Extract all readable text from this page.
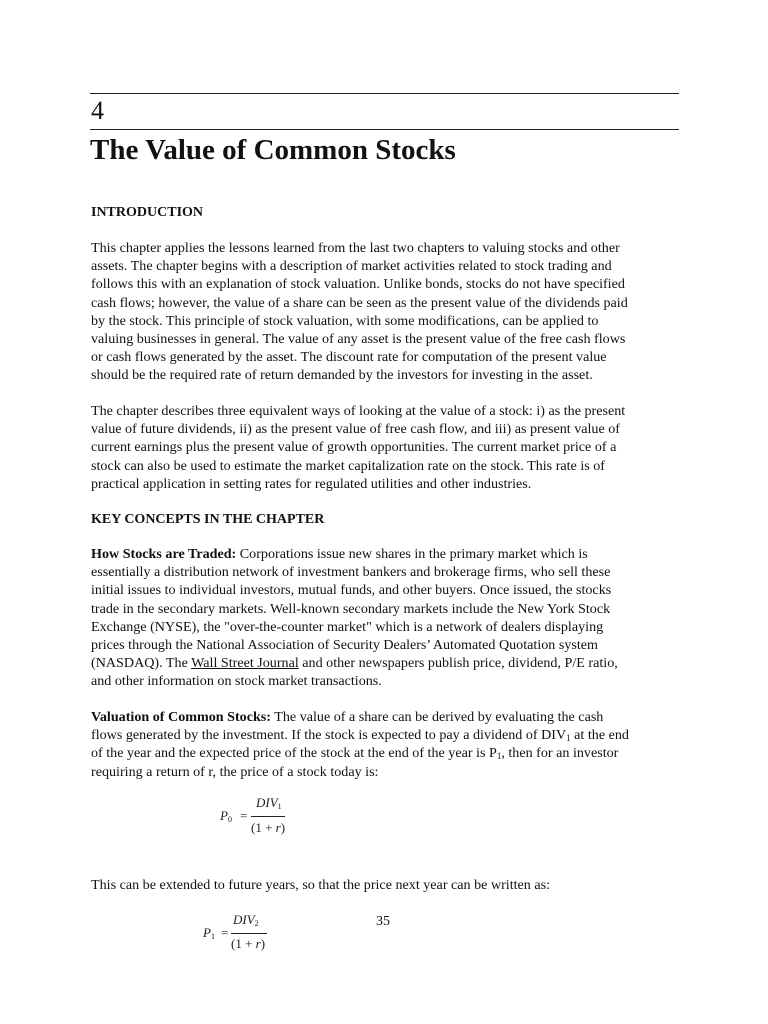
4
The Value of Common Stocks
INTRODUCTION

This chapter applies the lessons learned from the last two chapters to valuing stocks and other
assets. The chapter begins with a description of market activities related to stock trading and
follows this with an explanation of stock valuation. Unlike bonds, stocks do not have specified
cash flows; however, the value of a share can be seen as the present value of the dividends paid
by the stock. This principle of stock valuation, with some modifications, can be applied to
valuing businesses in general. The value of any asset is the present value of the free cash flows
or cash flows generated by the asset. The discount rate for computation of the present value
should be the required rate of return demanded by the investors for investing in the asset.

The chapter describes three equivalent ways of looking at the value of a stock: i) as the present
value of future dividends, ii) as the present value of free cash flow, and iii) as present value of
current earnings plus the present value of growth opportunities. The current market price of a
stock can also be used to estimate the market capitalization rate on the stock. This rate is of
practical application in setting rates for regulated utilities and other industries.

KEY CONCEPTS IN THE CHAPTER

How Stocks are Traded: Corporations issue new shares in the primary market which is
essentially a distribution network of investment bankers and brokerage firms, who sell these
initial issues to individual investors, mutual funds, and other buyers. Once issued, the stocks
trade in the secondary markets. Well-known secondary markets include the New York Stock
Exchange (NYSE), the "over-the-counter market" which is a network of dealers displaying
prices through the National Association of Security Dealers’ Automated Quotation system
(NASDAQ). The Wall Street Journal and other newspapers publish price, dividend, P/E ratio,
and other information on stock market transactions.

Valuation of Common Stocks: The value of a share can be derived by evaluating the cash
flows generated by the investment. If the stock is expected to pay a dividend of $DIV_1$ at the end
of the year and the expected price of the stock at the end of the year is $P_1$, then for an investor
requiring a return of r, the price of a stock today is:

$P_0$ =
$DIV_1$
(1 + r)

This can be extended to future years, so that the price next year can be written as:

$P_1$ =
$DIV_2$
(1 + r)
35
